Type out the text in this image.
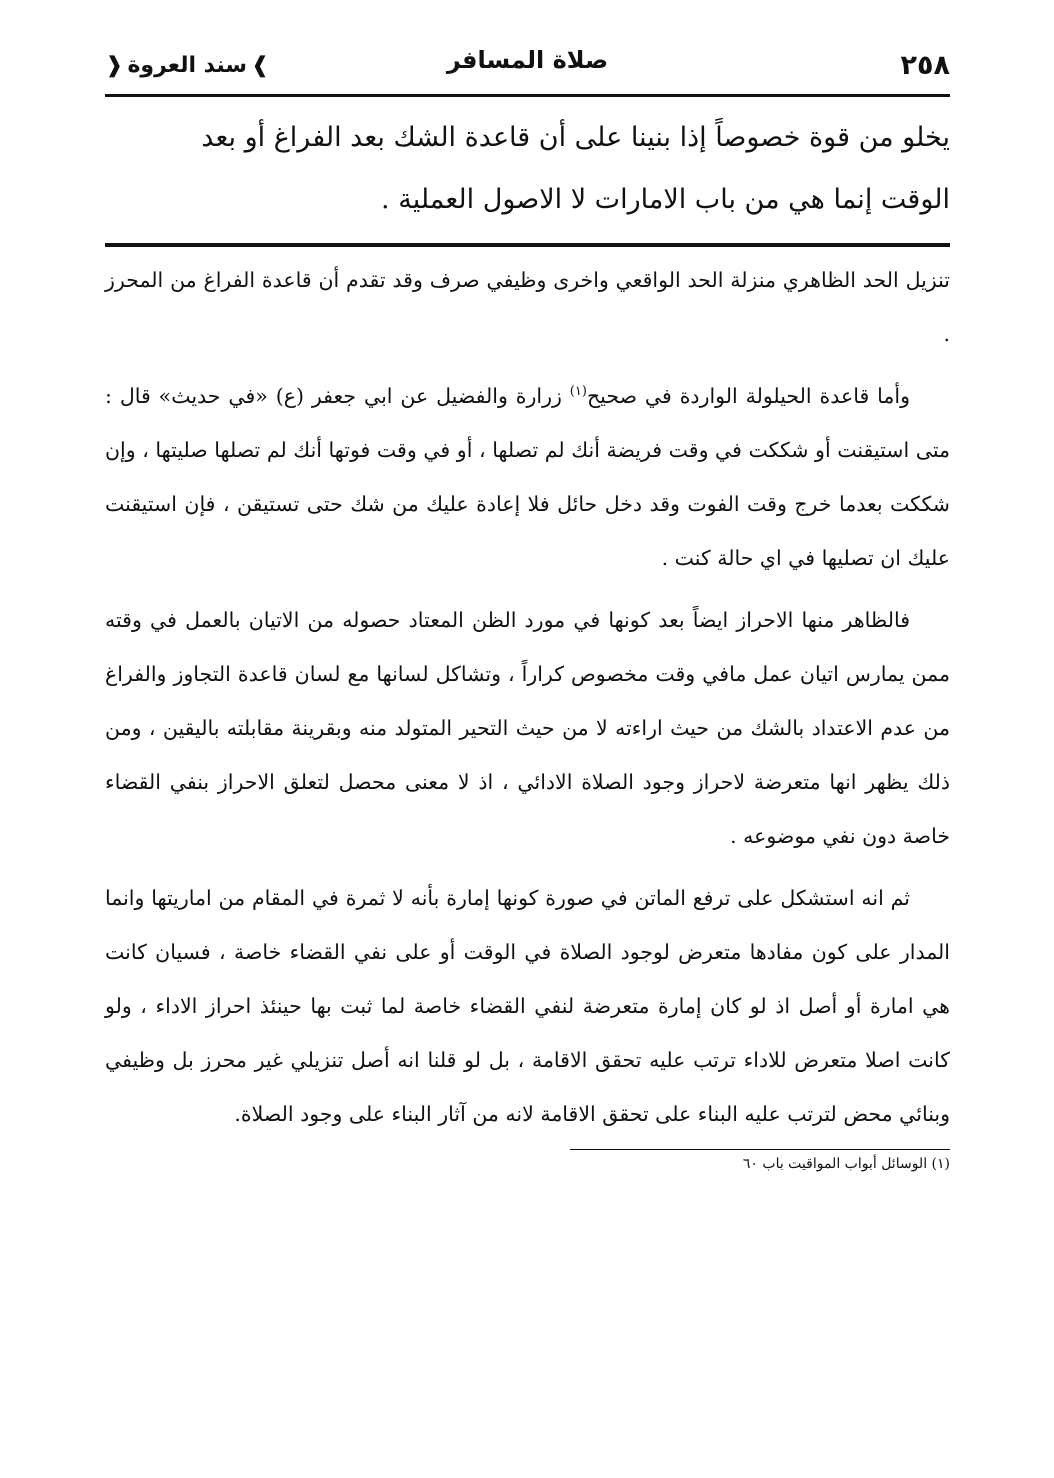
٢٥٨
صلاة المسافر
❱
سند العروة
❰

يخلو من قوة خصوصاً إذا بنينا على أن قاعدة الشك بعد الفراغ أو بعد

الوقت إنما هي من باب الامارات لا الاصول العملية .

تنزيل الحد الظاهري منزلة الحد الواقعي واخرى وظيفي صرف وقد تقدم أن قاعدة الفراغ من المحرز .

وأما قاعدة الحيلولة الواردة في صحيح$^{(١)}$ زرارة والفضيل عن ابي جعفر (ع) «في حديث» قال : متى استيقنت أو شككت في وقت فريضة أنك لم تصلها ، أو في وقت فوتها أنك لم تصلها صليتها ، وإن شككت بعدما خرج وقت الفوت وقد دخل حائل فلا إعادة عليك من شك حتى تستيقن ، فإن استيقنت عليك ان تصليها في اي حالة كنت .

فالظاهر منها الاحراز ايضاً بعد كونها في مورد الظن المعتاد حصوله من الاتيان بالعمل في وقته ممن يمارس اتيان عمل مافي وقت مخصوص كراراً ، وتشاكل لسانها مع لسان قاعدة التجاوز والفراغ من عدم الاعتداد بالشك من حيث اراءته لا من حيث التحير المتولد منه وبقرينة مقابلته باليقين ، ومن ذلك يظهر انها متعرضة لاحراز وجود الصلاة الادائي ، اذ لا معنى محصل لتعلق الاحراز بنفي القضاء خاصة دون نفي موضوعه .

ثم انه استشكل على ترفع الماتن في صورة كونها إمارة بأنه لا ثمرة في المقام من اماريتها وانما المدار على كون مفادها متعرض لوجود الصلاة في الوقت أو على نفي القضاء خاصة ، فسيان كانت هي امارة أو أصل اذ لو كان إمارة متعرضة لنفي القضاء خاصة لما ثبت بها حينئذ احراز الاداء ، ولو كانت اصلا متعرض للاداء ترتب عليه تحقق الاقامة ، بل لو قلنا انه أصل تنزيلي غير محرز بل وظيفي وبنائي محض لترتب عليه البناء على تحقق الاقامة لانه من آثار البناء على وجود الصلاة.

(١) الوسائل أبواب المواقيت باب ٦٠
